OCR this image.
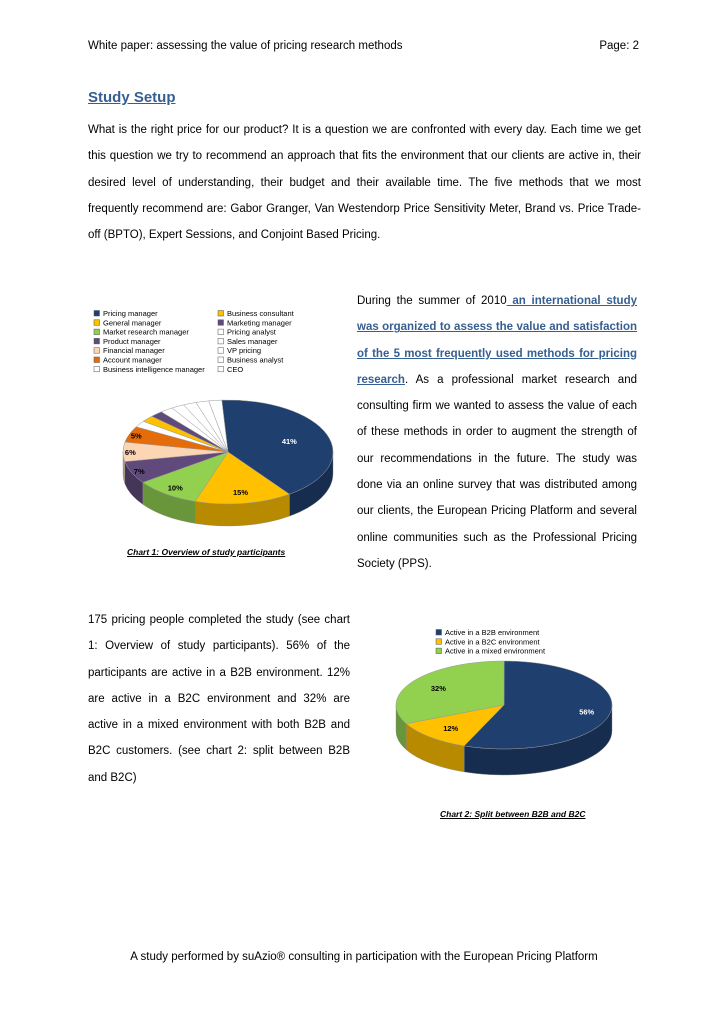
White paper: assessing the value of pricing research methods	Page: 2
Study Setup
What is the right price for our product? It is a question we are confronted with every day. Each time we get this question we try to recommend an approach that fits the environment that our clients are active in, their desired level of understanding, their budget and their available time. The five methods that we most frequently recommend are: Gabor Granger, Van Westendorp Price Sensitivity Meter, Brand vs. Price Trade-off (BPTO), Expert Sessions, and Conjoint Based Pricing.
Pricing manager
General manager
Market research manager
Product manager
Financial manager
Account manager
Business intelligence manager
Business consultant
Marketing manager
Pricing analyst
Sales manager
VP pricing
Business analyst
CEO
41%
15%
10%
7%
6%
5%
Chart 1: Overview of study participants
During the summer of 2010 an international study was organized to assess the value and satisfaction of the 5 most frequently used methods for pricing research. As a professional market research and consulting firm we wanted to assess the value of each of these methods in order to augment the strength of our recommendations in the future. The study was done via an online survey that was distributed among our clients, the European Pricing Platform and several online communities such as the Professional Pricing Society (PPS).
175 pricing people completed the study (see chart 1: Overview of study participants). 56% of the participants are active in a B2B environment. 12% are active in a B2C environment and 32% are active in a mixed environment with both B2B and B2C customers. (see chart 2: split between B2B and B2C)
Active in a B2B environment
Active in a B2C environment
Active in a mixed environment
56%
12%
32%
Chart 2: Split between B2B and B2C
A study performed by suAzio® consulting in participation with the European Pricing Platform
